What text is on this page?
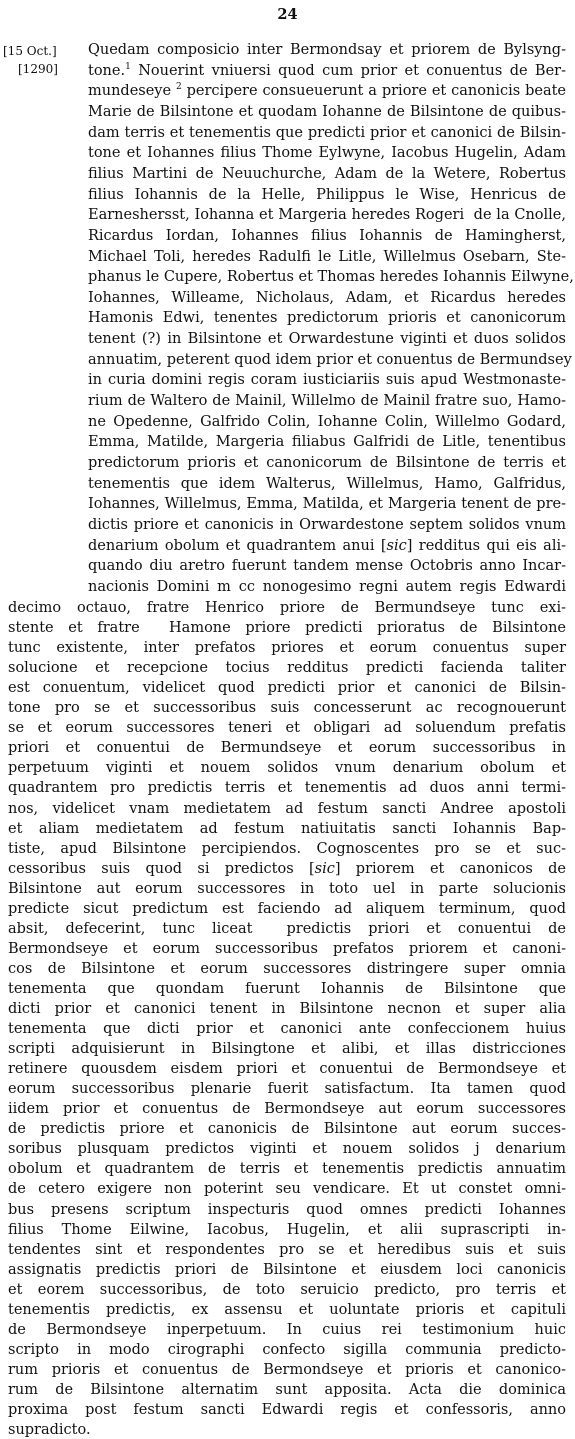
24
[15 Oct.]
[1290]
Quedam composicio inter Bermondsay et priorem de Bylsyng-
tone.$^1$ Nouerint vniuersi quod cum prior et conuentus de Ber-
mundeseye $^2$ percipere consueuerunt a priore et canonicis beate
Marie de Bilsintone et quodam Iohanne de Bilsintone de quibus-
dam terris et tenementis que predicti prior et canonici de Bilsin-
tone et Iohannes filius Thome Eylwyne, Iacobus Hugelin, Adam
filius Martini de Neuuchurche, Adam de la Wetere, Robertus
filius Iohannis de la Helle, Philippus le Wise, Henricus de
Earneshersst, Iohanna et Margeria heredes Rogeri  de la Cnolle,
Ricardus Iordan, Iohannes filius Iohannis de Hamingherst,
Michael Toli, heredes Radulfi le Litle, Willelmus Osebarn, Ste-
phanus le Cupere, Robertus et Thomas heredes Iohannis Eilwyne,
Iohannes, Willeame, Nicholaus, Adam, et Ricardus heredes
Hamonis Edwi, tenentes predictorum prioris et canonicorum
tenent (?) in Bilsintone et Orwardestune viginti et duos solidos
annuatim, peterent quod idem prior et conuentus de Bermundsey
in curia domini regis coram iusticiariis suis apud Westmonaste-
rium de Waltero de Mainil, Willelmo de Mainil fratre suo, Hamo-
ne Opedenne, Galfrido Colin, Iohanne Colin, Willelmo Godard,
Emma, Matilde, Margeria filiabus Galfridi de Litle, tenentibus
predictorum prioris et canonicorum de Bilsintone de terris et
tenementis que idem Walterus, Willelmus, Hamo, Galfridus,
Iohannes, Willelmus, Emma, Matilda, et Margeria tenent de pre-
dictis priore et canonicis in Orwardestone septem solidos vnum
denarium obolum et quadrantem anui [sic] redditus qui eis ali-
quando diu aretro fuerunt tandem mense Octobris anno Incar-
nacionis Domini m cc nonogesimo regni autem regis Edwardi
decimo octauo, fratre Henrico priore de Bermundseye tunc exi-
stente et fratre  Hamone priore predicti prioratus de Bilsintone
tunc existente, inter prefatos priores et eorum conuentus super
solucione et recepcione tocius redditus predicti facienda taliter
est conuentum, videlicet quod predicti prior et canonici de Bilsin-
tone pro se et successoribus suis concesserunt ac recognouerunt
se et eorum successores teneri et obligari ad soluendum prefatis
priori et conuentui de Bermundseye et eorum successoribus in
perpetuum viginti et nouem solidos vnum denarium obolum et
quadrantem pro predictis terris et tenementis ad duos anni termi-
nos, videlicet vnam medietatem ad festum sancti Andree apostoli
et aliam medietatem ad festum natiuitatis sancti Iohannis Bap-
tiste, apud Bilsintone percipiendos. Cognoscentes pro se et suc-
cessoribus suis quod si predictos [sic] priorem et canonicos de
Bilsintone aut eorum successores in toto uel in parte solucionis
predicte sicut predictum est faciendo ad aliquem terminum, quod
absit, defecerint, tunc liceat  predictis priori et conuentui de
Bermondseye et eorum successoribus prefatos priorem et canoni-
cos de Bilsintone et eorum successores distringere super omnia
tenementa que quondam fuerunt Iohannis de Bilsintone que
dicti prior et canonici tenent in Bilsintone necnon et super alia
tenementa que dicti prior et canonici ante confeccionem huius
scripti adquisierunt in Bilsingtone et alibi, et illas districciones
retinere quousdem eisdem priori et conuentui de Bermondseye et
eorum successoribus plenarie fuerit satisfactum. Ita tamen quod
iidem prior et conuentus de Bermondseye aut eorum successores
de predictis priore et canonicis de Bilsintone aut eorum succes-
soribus plusquam predictos viginti et nouem solidos j denarium
obolum et quadrantem de terris et tenementis predictis annuatim
de cetero exigere non poterint seu vendicare. Et ut constet omni-
bus presens scriptum inspecturis quod omnes predicti Iohannes
filius Thome Eilwine, Iacobus, Hugelin, et alii suprascripti in-
tendentes sint et respondentes pro se et heredibus suis et suis
assignatis predictis priori de Bilsintone et eiusdem loci canonicis
et eorem successoribus, de toto seruicio predicto, pro terris et
tenementis predictis, ex assensu et uoluntate prioris et capituli
de Bermondseye inperpetuum. In cuius rei testimonium huic
scripto in modo cirographi confecto sigilla communia predicto-
rum prioris et conuentus de Bermondseye et prioris et canonico-
rum de Bilsintone alternatim sunt apposita. Acta die dominica
proxima post festum sancti Edwardi regis et confessoris, anno
supradicto.
